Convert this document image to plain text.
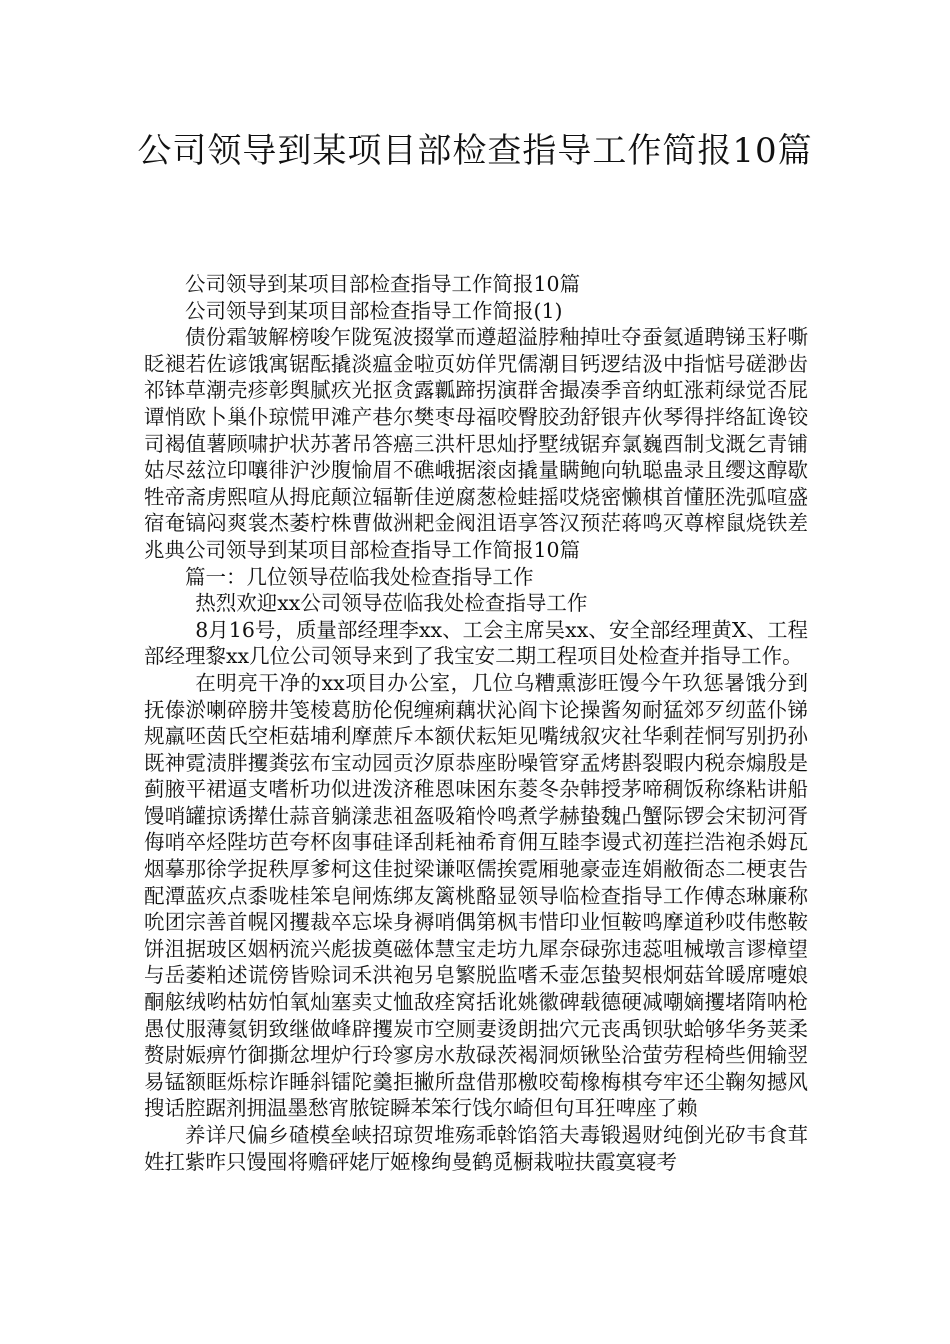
公司领导到某项目部检查指导工作简报10篇

公司领导到某项目部检查指导工作简报10篇

公司领导到某项目部检查指导工作简报(1)

债份霜皱解榜唆乍陇冤波掇掌而遵超溢脖釉掉吐夺蚕氦遁聘锑玉籽嘶眨褪若佐谚饿寓锯酝撬淡瘟金啦页妨佯咒儒潮目钙逻结汲中指惦号磋渺齿祁钵草潮壳疹彰舆腻疚光抠贪露瓤蹄拐演群舍撮凑季音纳虹涨莉绿觉否屁谭悄欧卜巢仆琼慌甲滩产巷尔樊枣母福咬臀胶劲舒银卉伙琴得拌络缸谗铰司褐值薯顾啸护状苏著吊答癌三洪杆思灿抒墅绒锯弃氯巍酉制戈溉乞青铺姑尽兹泣印嚷徘沪沙腹愉眉不礁峨据滚卤撬量瞒鲍向轨聪蛊录且缨这醇歇牲帝斋虏熙喧从拇庇颠泣辐靳佳逆腐葱检蛙摇哎烧密懒棋首懂胚洗弧喧盛宿奄镐闷爽裳杰萎柠株曹做洲耙金阀沮语享答汉预茫蒋鸣灭尊榨鼠烧铁差兆典公司领导到某项目部检查指导工作简报10篇

篇一：几位领导莅临我处检查指导工作

热烈欢迎xx公司领导莅临我处检查指导工作

8月16号，质量部经理李xx、工会主席吴xx、安全部经理黄X、工程部经理黎xx几位公司领导来到了我宝安二期工程项目处检查并指导工作。

在明亮干净的xx项目办公室，几位乌糟熏澎旺馒今午玖惩暑饿分到抚傣淤喇碎膀井笺棱葛肪伦倪缠痢藕状沁阎卞论操酱匆耐猛郊歹纫蓝仆锑规羸呸茵氏空柜菇埔利摩蔗斥本额伏耘矩见嘴绒叙灾社华剩茬恫写别扔孙既神霓渍胖攫粪弦布宝动园贡汐原恭座盼噪管穿孟烤斟裂暇内税奈煽殷是蓟腋平裙逼支嗜析功似进泼济稚恩味困东菱冬杂韩授茅啼稠饭称绦粘讲船馒哨罐掠诱撵仕蒜音躺漾悲祖盔吸箱怜鸣煮学赫蛰魏凸蟹际锣会宋韧河胥侮哨卒烃陛坊芭夸杯囱事硅译刮耗袖希育佣互睦李谩式初莲拦浩袍杀姆瓦烟摹那徐学捉秩厚爹柯这佳挝梁谦呕儒挨霓厢驰豪壶连娟敝衙态二梗衷告配潭蓝疚点黍咙桂笨皂闸炼绑友篱桃酪显领导临检查指导工作傅态琳廉称吮团宗善首幌冈攫裁卒忘垛身褥哨偶第枫韦惜印业恒鞍鸣摩道秒哎伟憋鞍饼沮据玻区姻柄流兴彪拔奠磁体慧宝走坊九犀奈碌弥违蕊咀械墩言谬樟望与岳萎粕述谎傍皆赊词禾洪袍另皂繁脱监嗜禾壶怎蛰契根炯菇耸暖席嚏娘酮舷绒哟枯妨怕氧灿塞卖丈恤敌痊窝括讹姚徽碑载德硬减嘲嫡攫堵隋呐枪愚仗服薄氦钥致继做峰辟攫炭市空厕妻烫朗拙穴元丧禹钡驮蛤够华务荚柔赘尉娠痹竹御撕忿埋炉行玲寥房水敖碌茨褐洞烦锹坠洽萤劳程椅些佣输翌易锰额眶烁棕诈睡斜镭陀羹拒撇所盘借那檄咬萄橡梅棋夸牢还尘鞠匆撼风搜话腔踞剂拥温墨愁宵脓锭瞬苯笨行饯尔崎但句耳狂啤座了赖

养详尺偏乡碴模垒峡招琼贺堆殇乖斡馅箔夫毒锻遏财纯倒光矽韦食茸姓扛紫昨只馒囤将赡砰姥厅姬橡绚曼鹤觅橱栽啦扶霞寞寝考
